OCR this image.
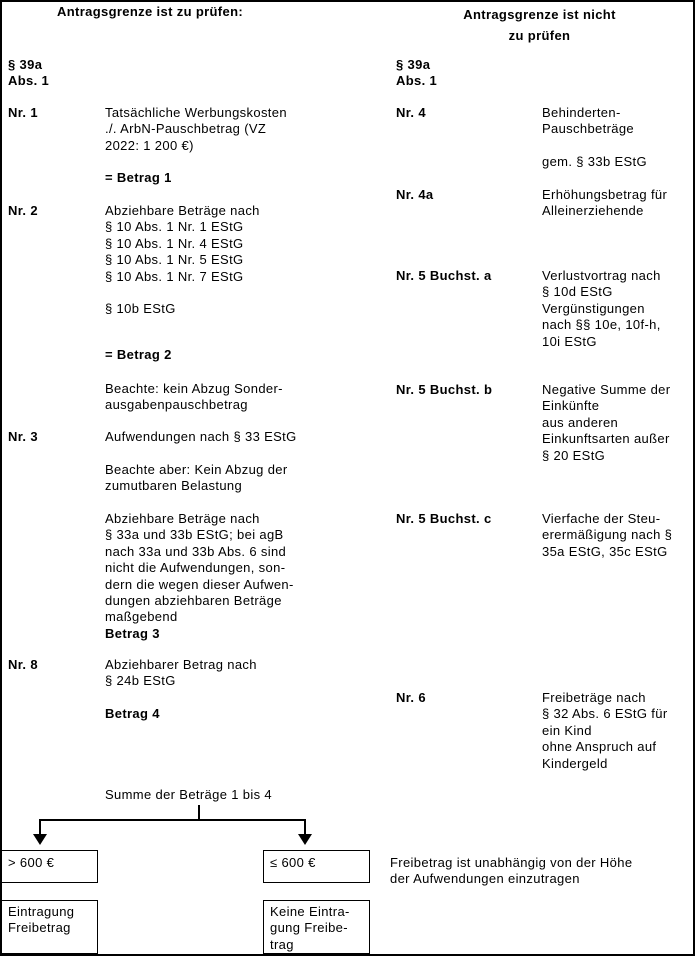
Antragsgrenze ist zu prüfen:
§ 39a
Abs. 1
Nr. 1	Tatsächliche Werbungskosten
./. ArbN-Pauschbetrag (VZ
2022: 1 200 €)
= Betrag 1
Nr. 2	Abziehbare Beträge nach
§ 10 Abs. 1 Nr. 1 EStG
§ 10 Abs. 1 Nr. 4 EStG
§ 10 Abs. 1 Nr. 5 EStG
§ 10 Abs. 1 Nr. 7 EStG
§ 10b EStG
= Betrag 2
Beachte: kein Abzug Sonder-
ausgabenpauschbetrag
Nr. 3	Aufwendungen nach § 33 EStG
Beachte aber: Kein Abzug der
zumutbaren Belastung
Abziehbare Beträge nach
§ 33a und 33b EStG; bei agB
nach 33a und 33b Abs. 6 sind
nicht die Aufwendungen, son-
dern die wegen dieser Aufwen-
dungen abziehbaren Beträge
maßgebend
Betrag 3
Nr. 8	Abziehbarer Betrag nach
§ 24b EStG
Betrag 4
Antragsgrenze ist nicht
zu prüfen
§ 39a
Abs. 1
Nr. 4	Behinderten-
Pauschbeträge
gem. § 33b EStG
Nr. 4a	Erhöhungsbetrag für
Alleinerziehende
Nr. 5 Buchst. a	Verlustvortrag nach
§ 10d EStG
Vergünstigungen
nach §§ 10e, 10f-h,
10i EStG
Nr. 5 Buchst. b	Negative Summe der
Einkünfte
aus anderen
Einkunftsarten außer
§ 20 EStG
Nr. 5 Buchst. c	Vierfache der Steu-
erermäßigung nach §
35a EStG, 35c EStG
Nr. 6	Freibeträge nach
§ 32 Abs. 6 EStG für
ein Kind
ohne Anspruch auf
Kindergeld
Summe der Beträge 1 bis 4
> 600 €	≤ 600 €
Eintragung
Freibetrag
Keine Eintra-
gung Freibe-
trag
Freibetrag ist unabhängig von der Höhe
der Aufwendungen einzutragen
